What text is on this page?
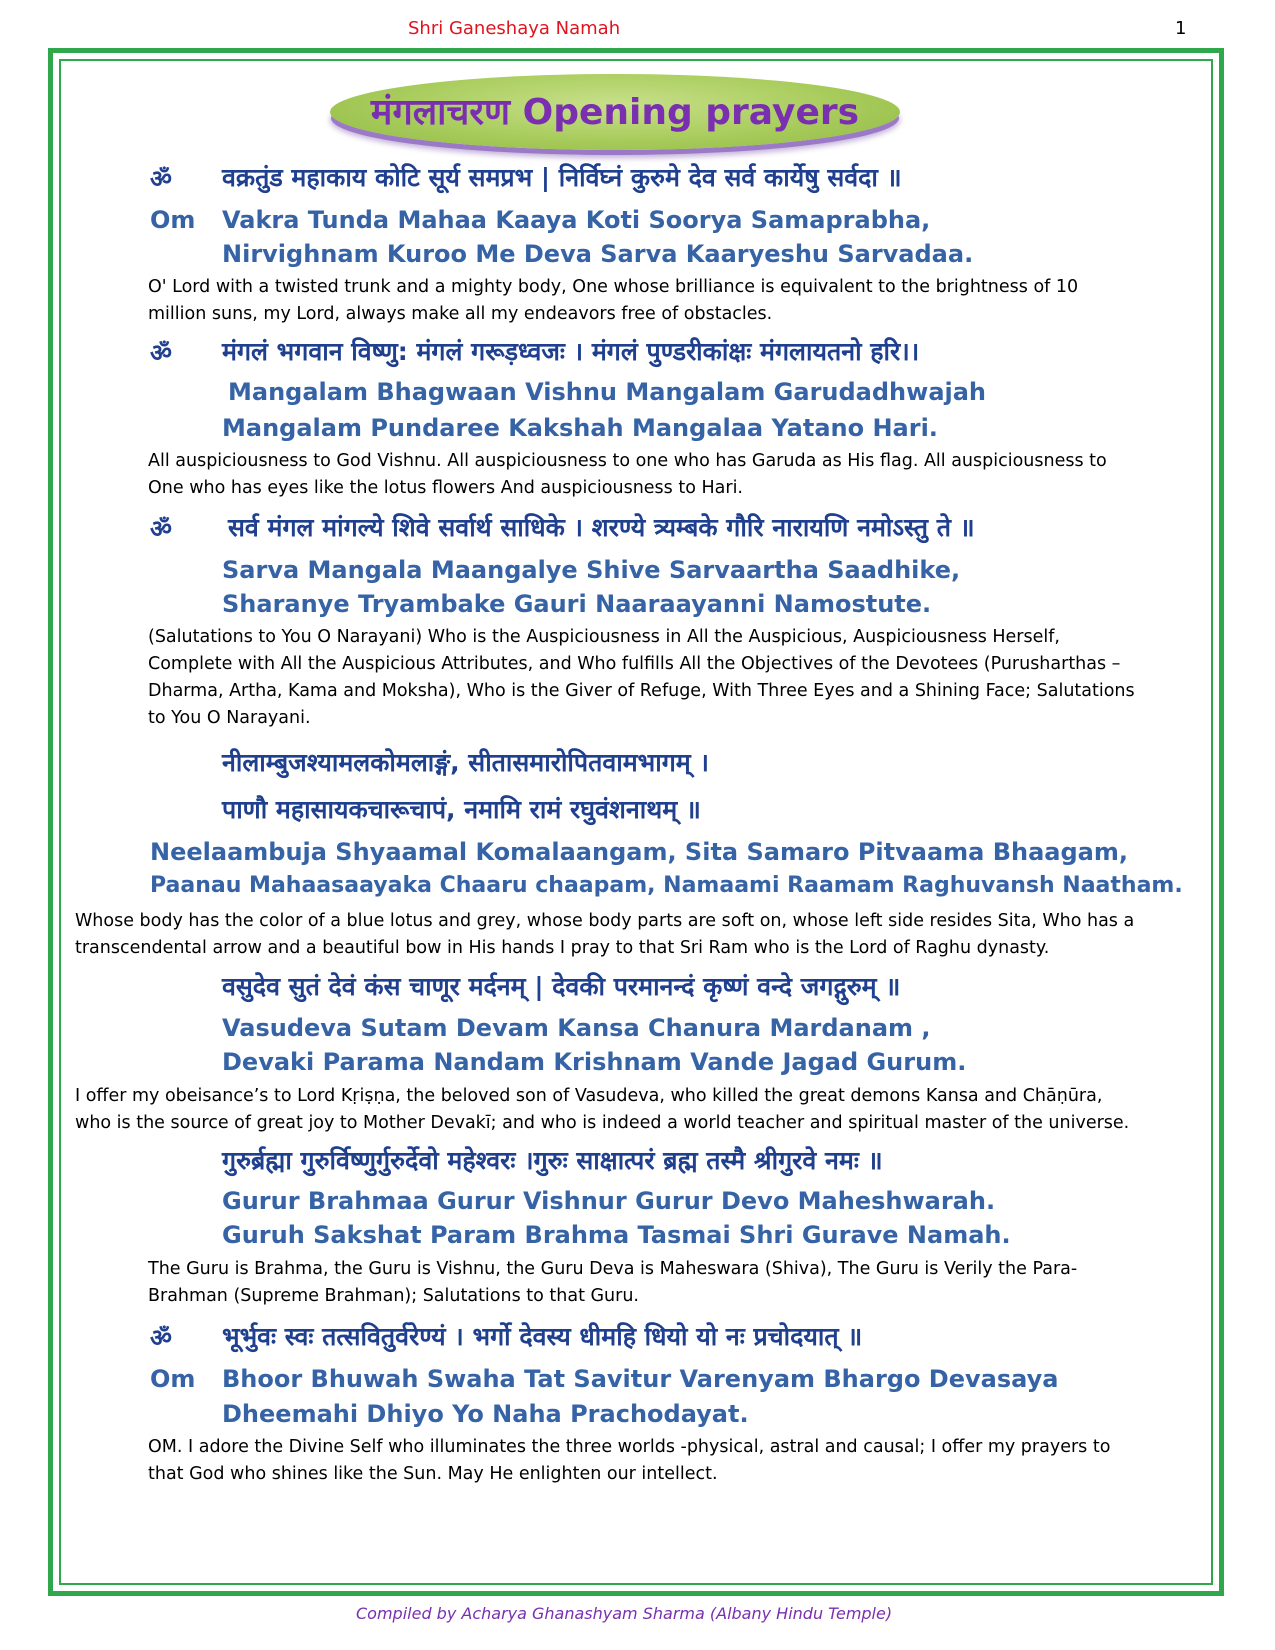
Shri Ganeshaya Namah	1
मंगलाचरण Opening prayers
ॐ वक्रतुंड महाकाय कोटि सूर्य समप्रभ | निर्विघ्नं कुरुमे देव सर्व कार्येषु सर्वदा ॥
Om Vakra Tunda Mahaa Kaaya Koti Soorya Samaprabha,
Nirvighnam Kuroo Me Deva Sarva Kaaryeshu Sarvadaa.
O' Lord with a twisted trunk and a mighty body, One whose brilliance is equivalent to the brightness of 10
million suns, my Lord, always make all my endeavors free of obstacles.
ॐ मंगलं भगवान विष्णु: मंगलं गरूड़ध्वजः । मंगलं पुण्डरीकांक्षः मंगलायतनो हरि।।
Mangalam Bhagwaan Vishnu Mangalam Garudadhwajah
Mangalam Pundaree Kakshah Mangalaa Yatano Hari.
All auspiciousness to God Vishnu. All auspiciousness to one who has Garuda as His flag. All auspiciousness to
One who has eyes like the lotus flowers And auspiciousness to Hari.
ॐ सर्व मंगल मांगल्ये शिवे सर्वार्थ साधिके । शरण्ये त्र्यम्बके गौरि नारायणि नमोऽस्तु ते ॥
Sarva Mangala Maangalye Shive Sarvaartha Saadhike,
Sharanye Tryambake Gauri Naaraayanni Namostute.
(Salutations to You O Narayani) Who is the Auspiciousness in All the Auspicious, Auspiciousness Herself,
Complete with All the Auspicious Attributes, and Who fulfills All the Objectives of the Devotees (Purusharthas –
Dharma, Artha, Kama and Moksha), Who is the Giver of Refuge, With Three Eyes and a Shining Face; Salutations
to You O Narayani.
नीलाम्बुजश्यामलकोमलाङ्गं, सीतासमारोपितवामभागम् ।
पाणौ महासायकचारूचापं, नमामि रामं रघुवंशनाथम् ॥
Neelaambuja Shyaamal Komalaangam, Sita Samaro Pitvaama Bhaagam,
Paanau Mahaasaayaka Chaaru chaapam, Namaami Raamam Raghuvansh Naatham.
Whose body has the color of a blue lotus and grey, whose body parts are soft on, whose left side resides Sita, Who has a
transcendental arrow and a beautiful bow in His hands I pray to that Sri Ram who is the Lord of Raghu dynasty.
वसुदेव सुतं देवं कंस चाणूर मर्दनम् | देवकी परमानन्दं कृष्णं वन्दे जगद्गुरुम् ॥
Vasudeva Sutam Devam Kansa Chanura Mardanam ,
Devaki Parama Nandam Krishnam Vande Jagad Gurum.
I offer my obeisance’s to Lord Kṛiṣṇa, the beloved son of Vasudeva, who killed the great demons Kansa and Chāṇūra,
who is the source of great joy to Mother Devakī; and who is indeed a world teacher and spiritual master of the universe.
गुरुर्ब्रह्मा गुरुर्विष्णुर्गुरुर्देवो महेश्वरः ।गुरुः साक्षात्परं ब्रह्म तस्मै श्रीगुरवे नमः ॥
Gurur Brahmaa Gurur Vishnur Gurur Devo Maheshwarah.
Guruh Sakshat Param Brahma Tasmai Shri Gurave Namah.
The Guru is Brahma, the Guru is Vishnu, the Guru Deva is Maheswara (Shiva), The Guru is Verily the Para-
Brahman (Supreme Brahman); Salutations to that Guru.
ॐ भूर्भुवः स्वः तत्सवितुर्वरेण्यं । भर्गो देवस्य धीमहि धियो यो नः प्रचोदयात् ॥
Om Bhoor Bhuwah Swaha Tat Savitur Varenyam Bhargo Devasaya
Dheemahi Dhiyo Yo Naha Prachodayat.
OM. I adore the Divine Self who illuminates the three worlds -physical, astral and causal; I offer my prayers to
that God who shines like the Sun. May He enlighten our intellect.
Compiled by Acharya Ghanashyam Sharma (Albany Hindu Temple)
